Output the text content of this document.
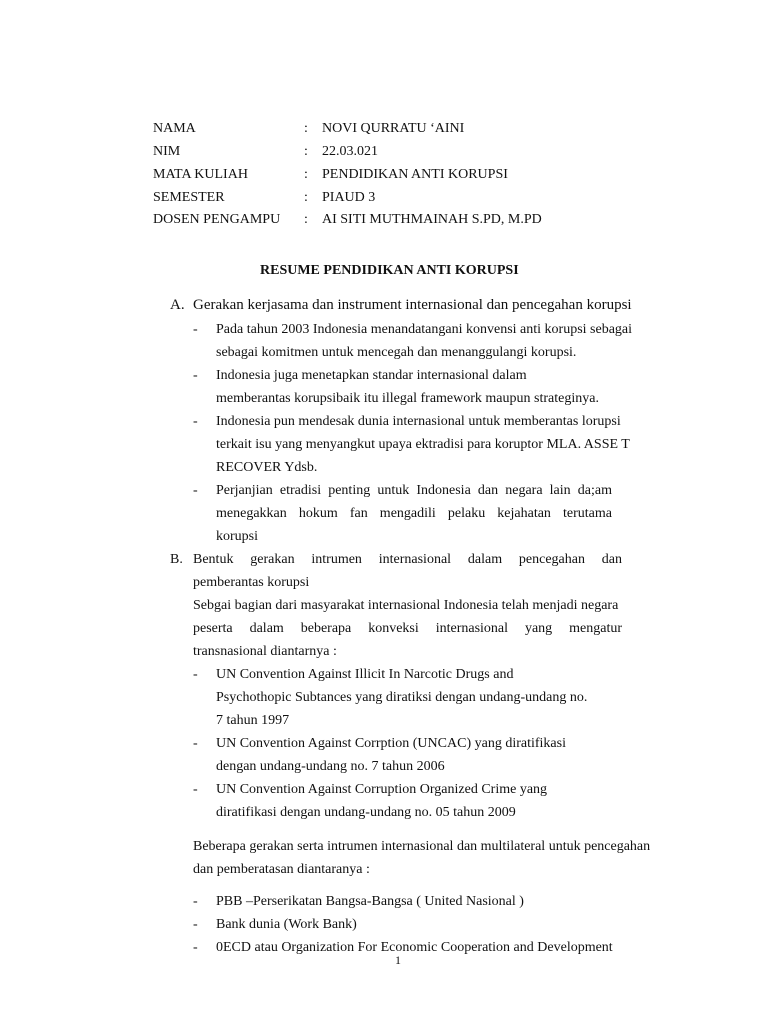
NAMA	: NOVI QURRATU ‘AINI
NIM	: 22.03.021
MATA KULIAH	: PENDIDIKAN ANTI KORUPSI
SEMESTER	: PIAUD 3
DOSEN PENGAMPU : AI SITI MUTHMAINAH S.PD, M.PD
RESUME PENDIDIKAN ANTI KORUPSI
A. Gerakan kerjasama dan instrument internasional dan pencegahan korupsi
- Pada tahun 2003 Indonesia menandatangani konvensi anti korupsi sebagai
sebagai komitmen untuk mencegah dan menanggulangi korupsi.
- Indonesia juga menetapkan standar internasional dalam
memberantas korupsibaik itu illegal framework maupun strateginya.
- Indonesia pun mendesak dunia internasional untuk memberantas lorupsi
terkait isu yang menyangkut upaya ektradisi para koruptor MLA. ASSE T
RECOVER Ydsb.
- Perjanjian etradisi penting untuk Indonesia dan negara lain da;am
menegakkan hokum fan mengadili pelaku kejahatan terutama
korupsi
B. Bentuk gerakan intrumen internasional dalam pencegahan dan
pemberantas korupsi
Sebgai bagian dari masyarakat internasional Indonesia telah menjadi negara
peserta dalam beberapa konveksi internasional yang mengatur
transnasional diantarnya :
- UN Convention Against Illicit In Narcotic Drugs and
Psychothopic Subtances yang diratiksi dengan undang-undang no.
7 tahun 1997
- UN Convention Against Corrption (UNCAC) yang diratifikasi
dengan undang-undang no. 7 tahun 2006
- UN Convention Against Corruption Organized Crime yang
diratifikasi dengan undang-undang no. 05 tahun 2009
Beberapa gerakan serta intrumen internasional dan multilateral untuk pencegahan
dan pemberatasan diantaranya :
- PBB –Perserikatan Bangsa-Bangsa ( United Nasional )
- Bank dunia (Work Bank)
- 0ECD atau Organization For Economic Cooperation and Development
1
